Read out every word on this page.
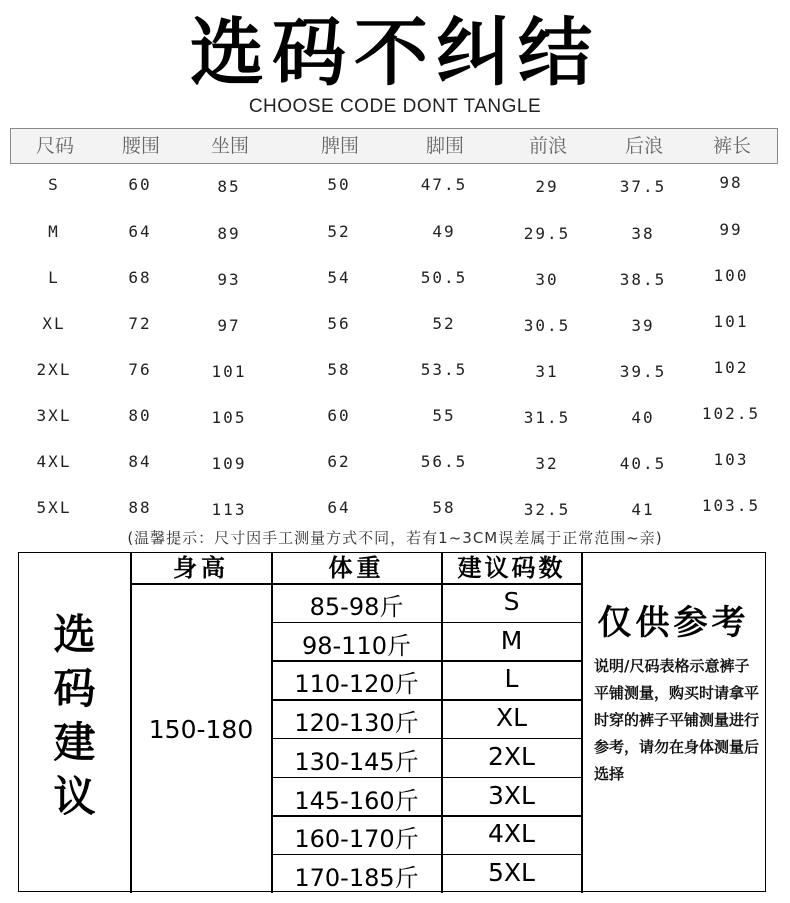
选码不纠结
CHOOSE CODE DONT TANGLE
尺码	腰围	坐围	脾围	脚围	前浪	后浪	裤长
S	60	85	50	47.5	29	37.5	98
M	64	89	52	49	29.5	38	99
L	68	93	54	50.5	30	38.5	100
XL	72	97	56	52	30.5	39	101
2XL	76	101	58	53.5	31	39.5	102
3XL	80	105	60	55	31.5	40	102.5
4XL	84	109	62	56.5	32	40.5	103
5XL	88	113	64	58	32.5	41	103.5
(温馨提示：尺寸因手工测量方式不同，若有1~3CM误差属于正常范围~亲)
选
码
建
议
身高	体重	建议码数
150-180
仅供参考
说明/尺码表格示意裤子平铺测量，购买时请拿平时穿的裤子平铺测量进行参考，请勿在身体测量后选择
85-98斤	S
98-110斤	M
110-120斤	L
120-130斤	XL
130-145斤	2XL
145-160斤	3XL
160-170斤	4XL
170-185斤	5XL
